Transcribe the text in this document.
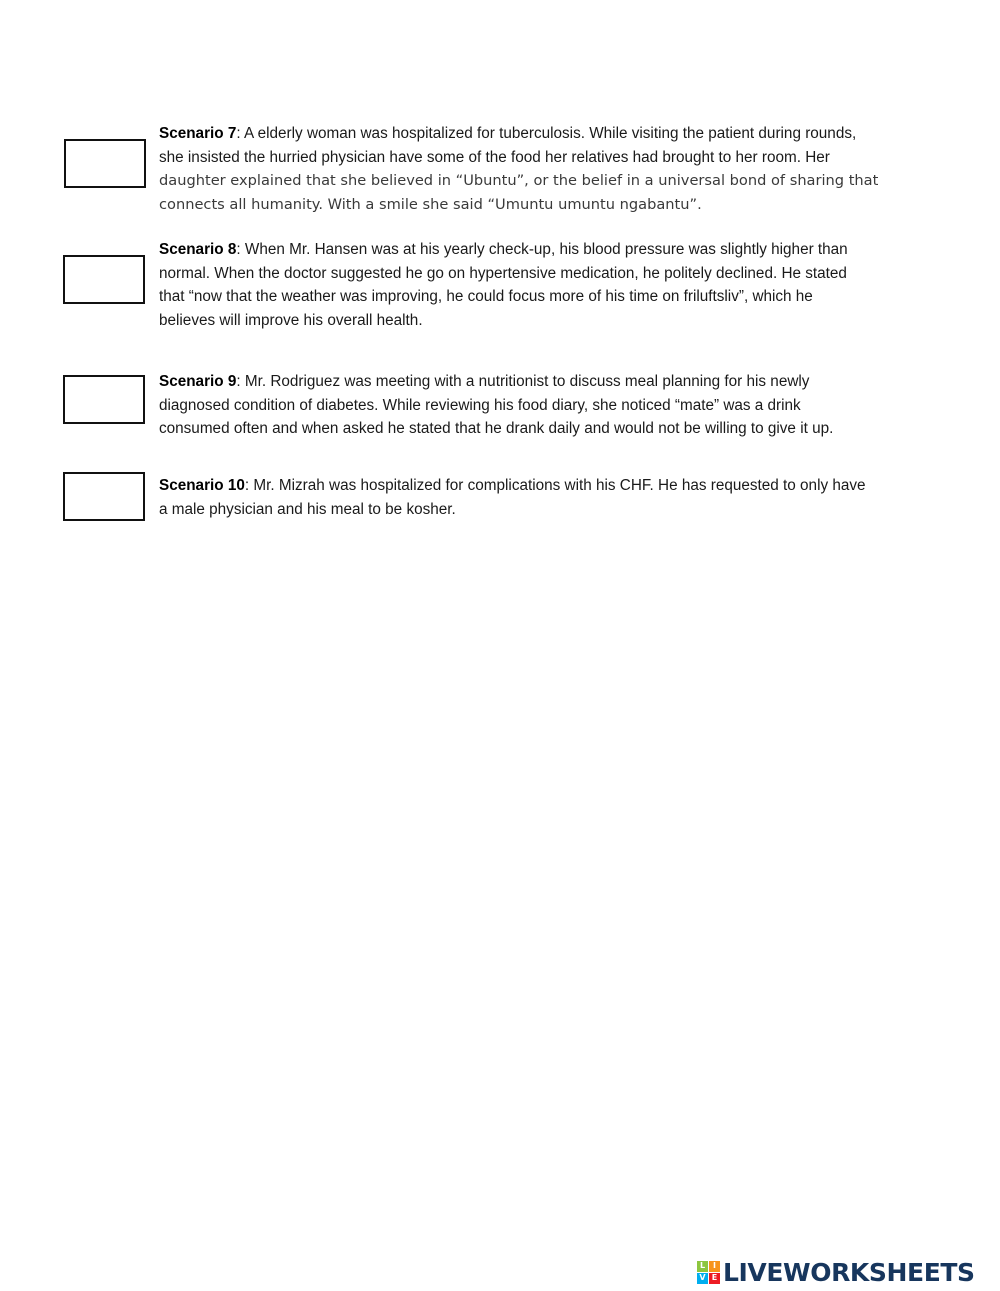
Scenario 7: A elderly woman was hospitalized for tuberculosis. While visiting the patient during rounds,
she insisted the hurried physician have some of the food her relatives had brought to her room. Her
daughter explained that she believed in “Ubuntu”, or the belief in a universal bond of sharing that
connects all humanity. With a smile she said “Umuntu umuntu ngabantu”.
Scenario 8: When Mr. Hansen was at his yearly check-up, his blood pressure was slightly higher than
normal. When the doctor suggested he go on hypertensive medication, he politely declined. He stated
that “now that the weather was improving, he could focus more of his time on friluftsliv”, which he
believes will improve his overall health.
Scenario 9: Mr. Rodriguez was meeting with a nutritionist to discuss meal planning for his newly
diagnosed condition of diabetes. While reviewing his food diary, she noticed “mate” was a drink
consumed often and when asked he stated that he drank daily and would not be willing to give it up.
Scenario 10: Mr. Mizrah was hospitalized for complications with his CHF. He has requested to only have
a male physician and his meal to be kosher.
L I
V E LIVEWORKSHEETS
